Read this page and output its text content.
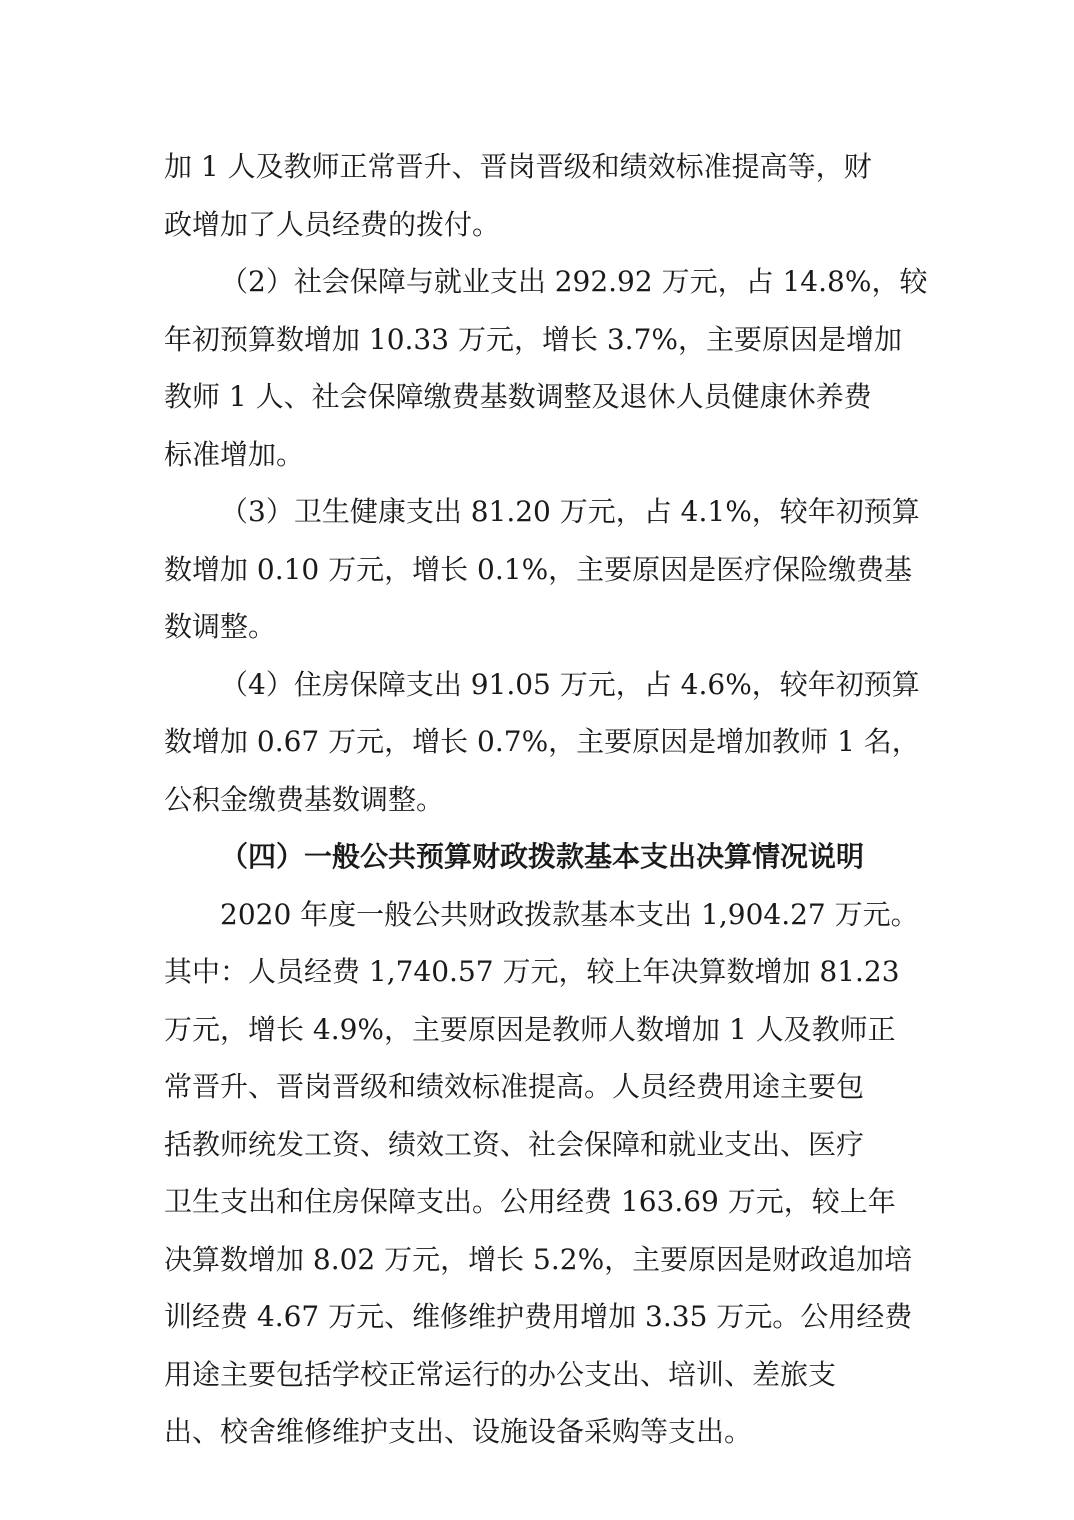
加 1 人及教师正常晋升、晋岗晋级和绩效标准提高等，财
政增加了人员经费的拨付。
（2）社会保障与就业支出 292.92 万元，占 14.8%，较
年初预算数增加 10.33 万元，增长 3.7%，主要原因是增加
教师 1 人、社会保障缴费基数调整及退休人员健康休养费
标准增加。
（3）卫生健康支出 81.20 万元，占 4.1%，较年初预算
数增加 0.10 万元，增长 0.1%，主要原因是医疗保险缴费基
数调整。
（4）住房保障支出 91.05 万元，占 4.6%，较年初预算
数增加 0.67 万元，增长 0.7%，主要原因是增加教师 1 名，
公积金缴费基数调整。
（四）一般公共预算财政拨款基本支出决算情况说明
2020 年度一般公共财政拨款基本支出 1,904.27 万元。
其中：人员经费 1,740.57 万元，较上年决算数增加 81.23
万元，增长 4.9%，主要原因是教师人数增加 1 人及教师正
常晋升、晋岗晋级和绩效标准提高。人员经费用途主要包
括教师统发工资、绩效工资、社会保障和就业支出、医疗
卫生支出和住房保障支出。公用经费 163.69 万元，较上年
决算数增加 8.02 万元，增长 5.2%，主要原因是财政追加培
训经费 4.67 万元、维修维护费用增加 3.35 万元。公用经费
用途主要包括学校正常运行的办公支出、培训、差旅支
出、校舍维修维护支出、设施设备采购等支出。
